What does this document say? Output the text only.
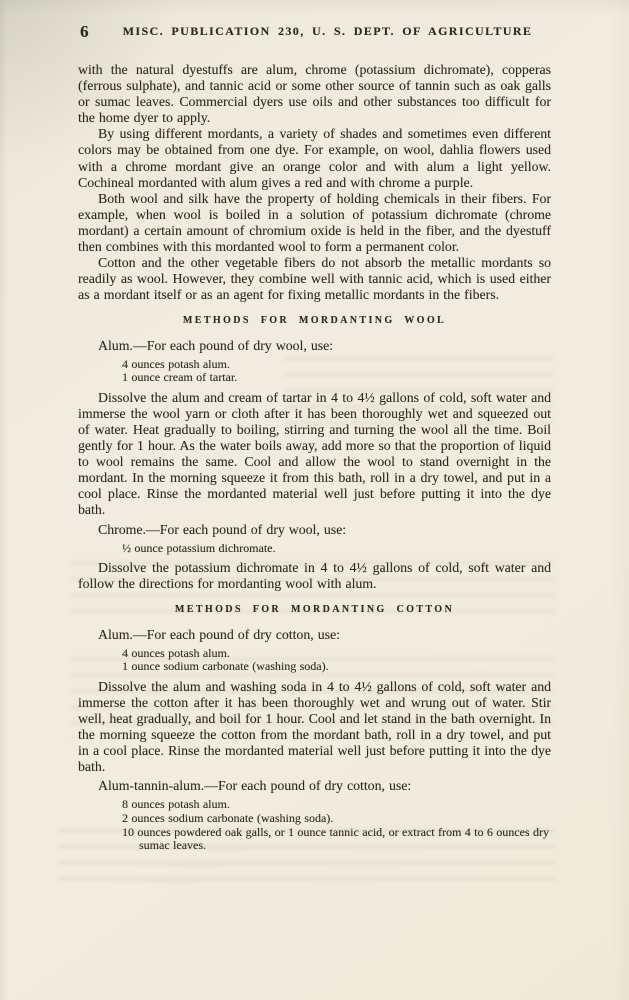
6	MISC. PUBLICATION 230, U. S. DEPT. OF AGRICULTURE

with the natural dyestuffs are alum, chrome (potassium dichromate), copperas (ferrous sulphate), and tannic acid or some other source of tannin such as oak galls or sumac leaves. Commercial dyers use oils and other substances too difficult for the home dyer to apply.

By using different mordants, a variety of shades and sometimes even different colors may be obtained from one dye. For example, on wool, dahlia flowers used with a chrome mordant give an orange color and with alum a light yellow. Cochineal mordanted with alum gives a red and with chrome a purple.

Both wool and silk have the property of holding chemicals in their fibers. For example, when wool is boiled in a solution of potassium dichromate (chrome mordant) a certain amount of chromium oxide is held in the fiber, and the dyestuff then combines with this mordanted wool to form a permanent color.

Cotton and the other vegetable fibers do not absorb the metallic mordants so readily as wool. However, they combine well with tannic acid, which is used either as a mordant itself or as an agent for fixing metallic mordants in the fibers.

METHODS FOR MORDANTING WOOL

Alum.—For each pound of dry wool, use:

4 ounces potash alum.
1 ounce cream of tartar.

Dissolve the alum and cream of tartar in 4 to 4½ gallons of cold, soft water and immerse the wool yarn or cloth after it has been thoroughly wet and squeezed out of water. Heat gradually to boiling, stirring and turning the wool all the time. Boil gently for 1 hour. As the water boils away, add more so that the proportion of liquid to wool remains the same. Cool and allow the wool to stand overnight in the mordant. In the morning squeeze it from this bath, roll in a dry towel, and put in a cool place. Rinse the mordanted material well just before putting it into the dye bath.

Chrome.—For each pound of dry wool, use:

½ ounce potassium dichromate.

Dissolve the potassium dichromate in 4 to 4½ gallons of cold, soft water and follow the directions for mordanting wool with alum.

METHODS FOR MORDANTING COTTON

Alum.—For each pound of dry cotton, use:

4 ounces potash alum.
1 ounce sodium carbonate (washing soda).

Dissolve the alum and washing soda in 4 to 4½ gallons of cold, soft water and immerse the cotton after it has been thoroughly wet and wrung out of water. Stir well, heat gradually, and boil for 1 hour. Cool and let stand in the bath overnight. In the morning squeeze the cotton from the mordant bath, roll in a dry towel, and put in a cool place. Rinse the mordanted material well just before putting it into the dye bath.

Alum-tannin-alum.—For each pound of dry cotton, use:

8 ounces potash alum.
2 ounces sodium carbonate (washing soda).
10 ounces powdered oak galls, or 1 ounce tannic acid, or extract from 4 to 6 ounces dry sumac leaves.
